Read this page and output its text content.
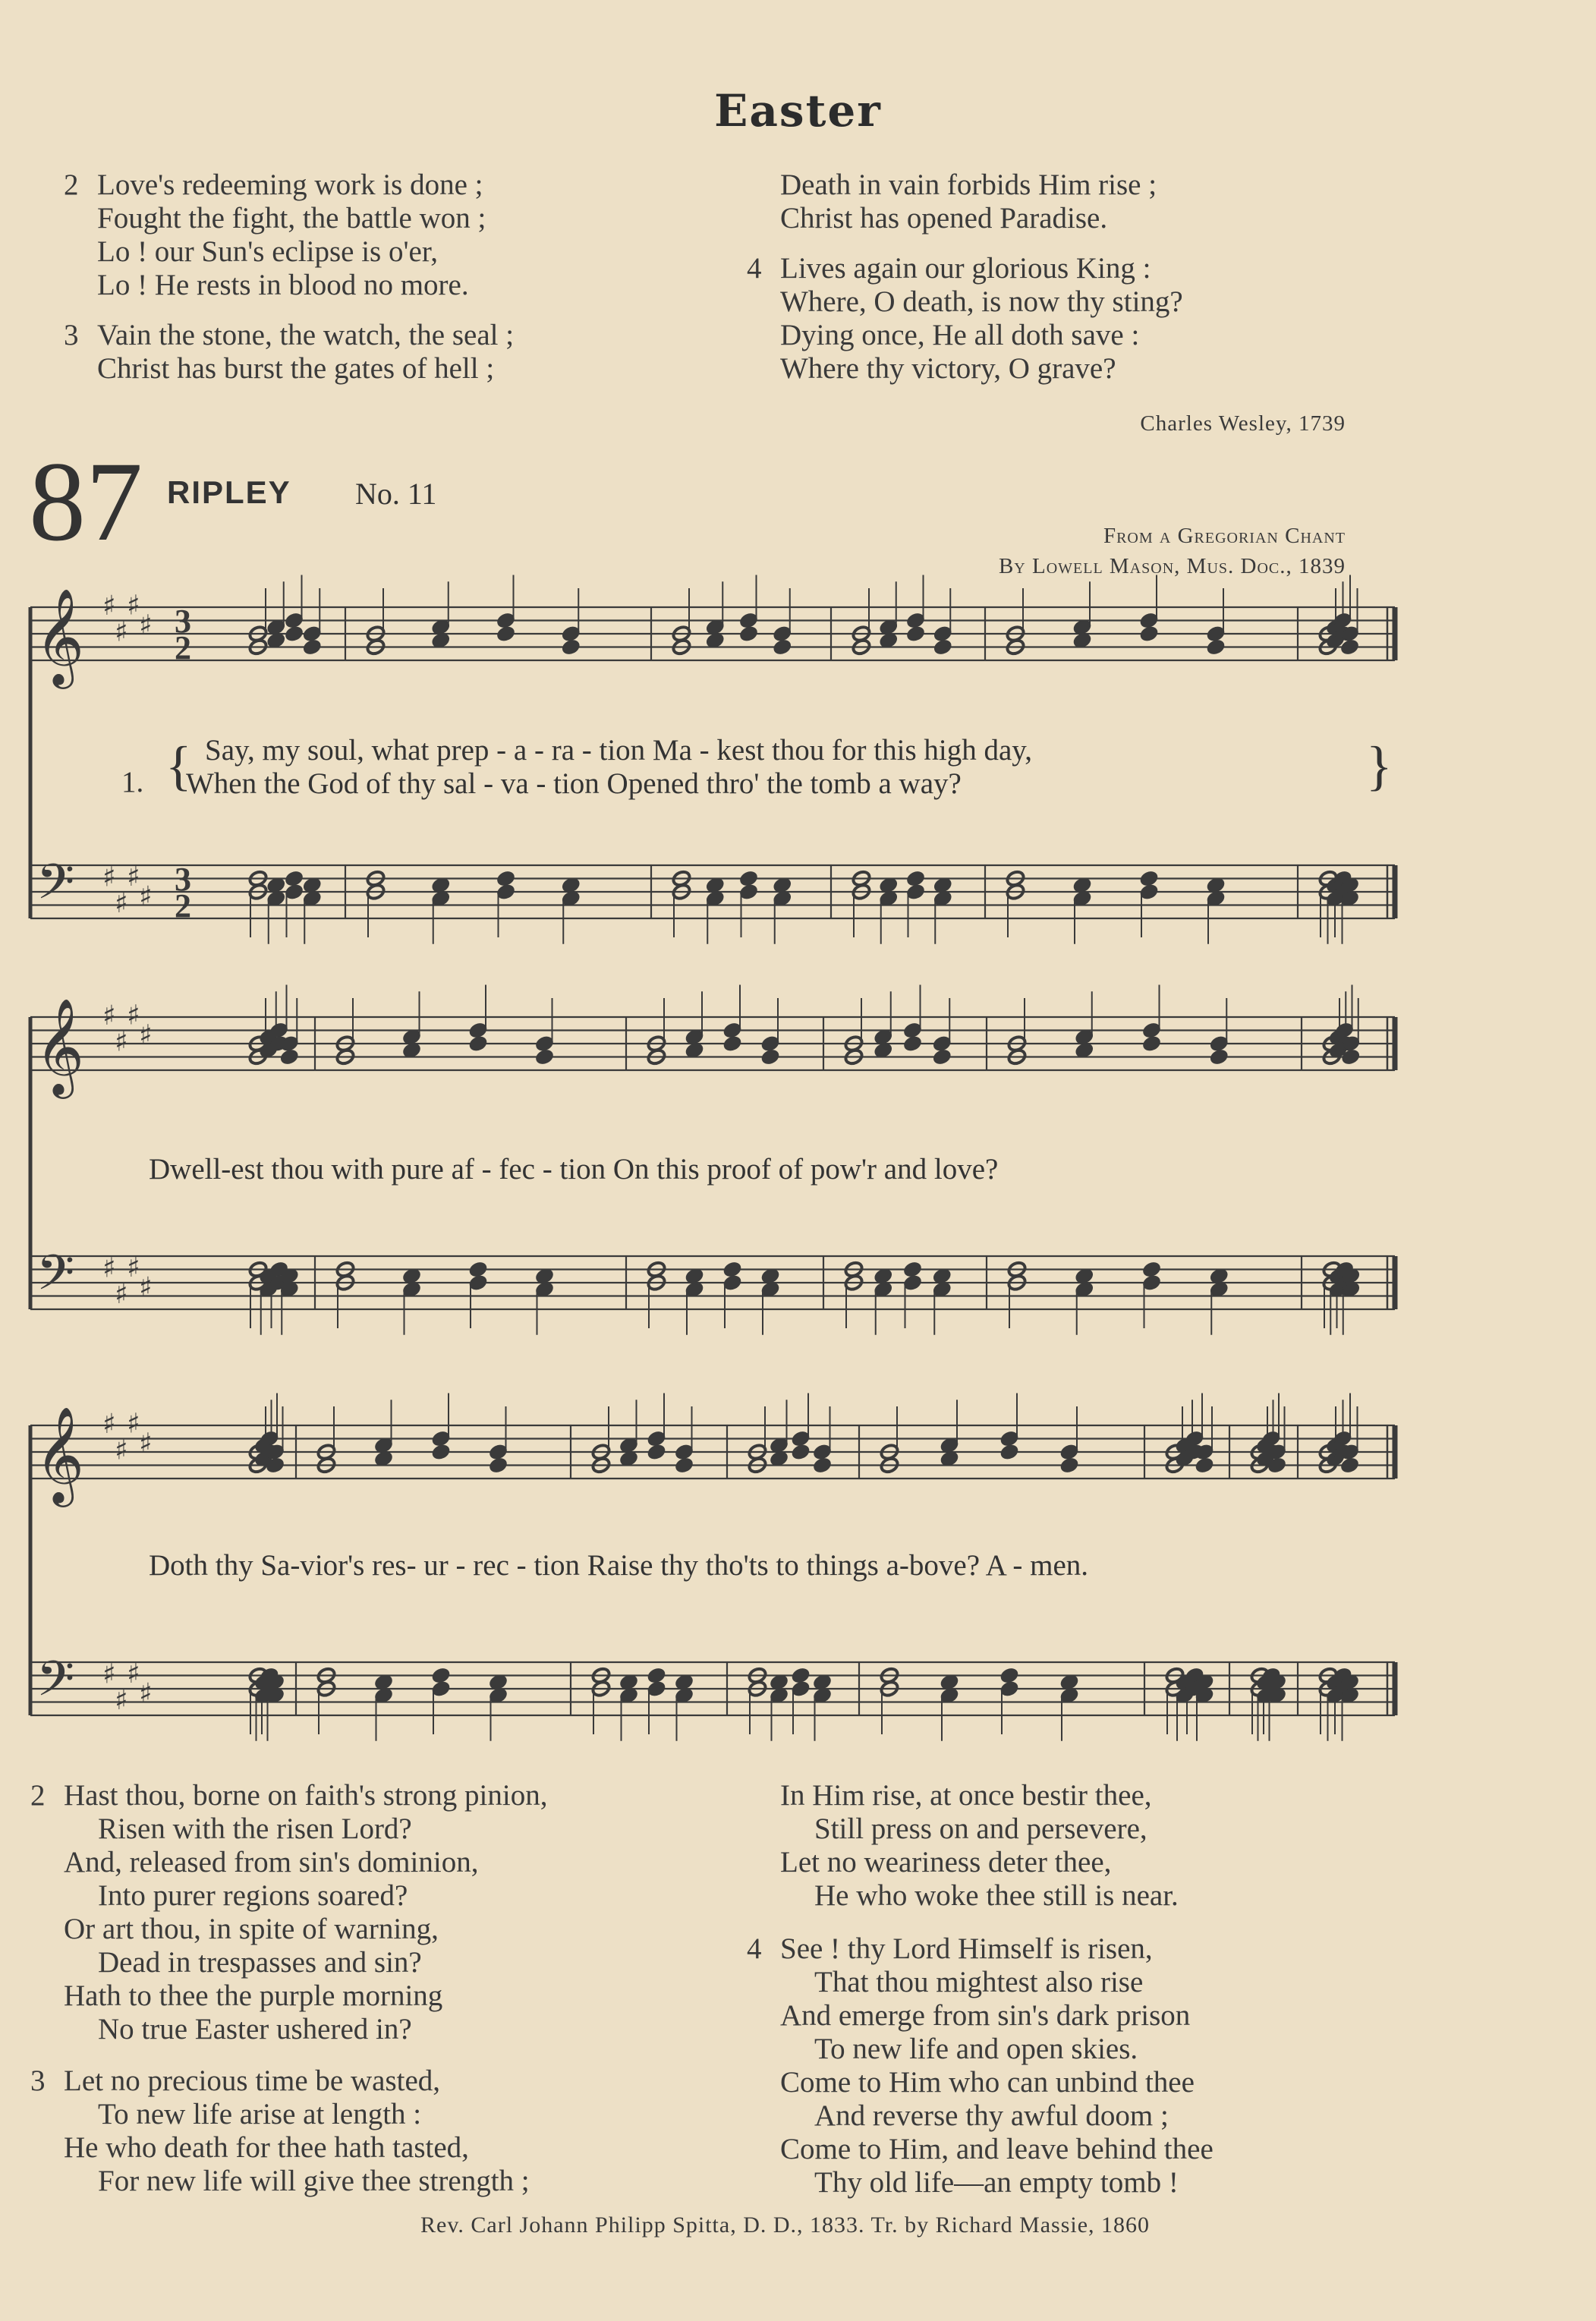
Easter
2 Love's redeeming work is done ;
Fought the fight, the battle won ;
Lo ! our Sun's eclipse is o'er,
Lo ! He rests in blood no more.
3 Vain the stone, the watch, the seal ;
Christ has burst the gates of hell ;
Death in vain forbids Him rise ;
Christ has opened Paradise.
4 Lives again our glorious King :
Where, O death, is now thy sting?
Dying once, He all doth save :
Where thy victory, O grave?
Charles Wesley, 1739
87 RIPLEY No. 11
From a Gregorian Chant
By Lowell Mason, Mus. Doc., 1839
𝄞
𝄢
♯
♯
♯
♯
♯
♯
♯
♯
3
2
3
2
𝄞
𝄢
♯
♯
♯
♯
♯
♯
♯
♯
𝄞
𝄢
♯
♯
♯
♯
♯
♯
♯
♯
1. { Say, my soul, what prep - a - ra - tion Ma - kest thou for this high day,
When the God of thy sal - va - tion Opened thro' the tomb a way?	}
Dwell-est thou with pure af - fec - tion On this proof of pow'r and love?
Doth thy Sa-vior's res- ur - rec - tion Raise thy tho'ts to things a-bove? A - men.
2 Hast thou, borne on faith's strong pinion,
Risen with the risen Lord?
And, released from sin's dominion,
Into purer regions soared?
Or art thou, in spite of warning,
Dead in trespasses and sin?
Hath to thee the purple morning
No true Easter ushered in?
3 Let no precious time be wasted,
To new life arise at length :
He who death for thee hath tasted,
For new life will give thee strength ;
In Him rise, at once bestir thee,
Still press on and persevere,
Let no weariness deter thee,
He who woke thee still is near.
4 See ! thy Lord Himself is risen,
That thou mightest also rise
And emerge from sin's dark prison
To new life and open skies.
Come to Him who can unbind thee
And reverse thy awful doom ;
Come to Him, and leave behind thee
Thy old life—an empty tomb !
Rev. Carl Johann Philipp Spitta, D. D., 1833. Tr. by Richard Massie, 1860
